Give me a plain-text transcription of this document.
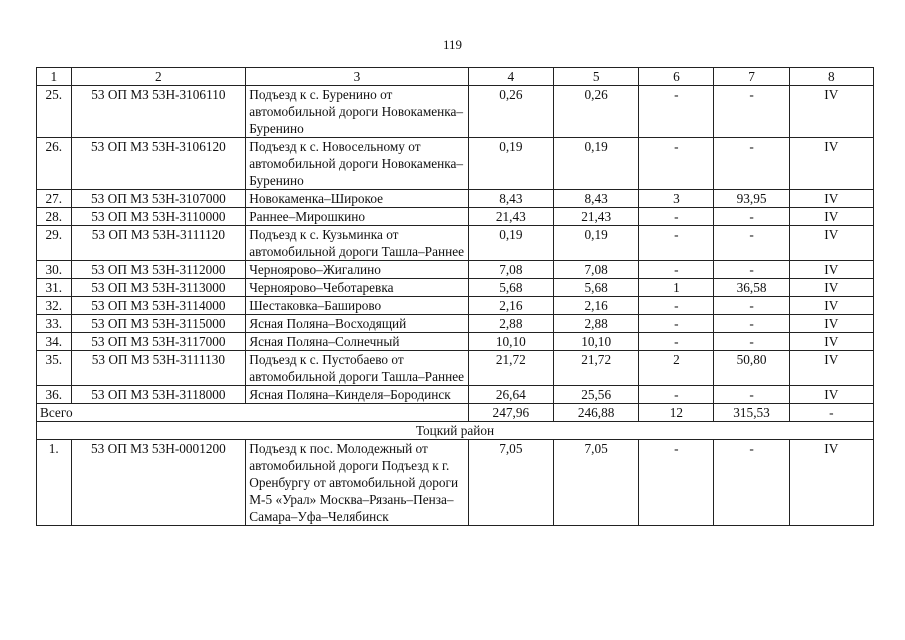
119
1	2	3	4	5	6	7	8
25.	53 ОП МЗ 53Н-3106110	Подъезд к с. Буренино от автомобильной дороги Новокаменка–Буренино	0,26	0,26	-	-	IV
26.	53 ОП МЗ 53Н-3106120	Подъезд к с. Новосельному от автомобильной дороги Новокаменка–Буренино	0,19	0,19	-	-	IV
27.	53 ОП МЗ 53Н-3107000	Новокаменка–Широкое	8,43	8,43	3	93,95	IV
28.	53 ОП МЗ 53Н-3110000	Раннее–Мирошкино	21,43	21,43	-	-	IV
29.	53 ОП МЗ 53Н-3111120	Подъезд к с. Кузьминка от автомобильной дороги Ташла–Раннее	0,19	0,19	-	-	IV
30.	53 ОП МЗ 53Н-3112000	Черноярово–Жигалино	7,08	7,08	-	-	IV
31.	53 ОП МЗ 53Н-3113000	Черноярово–Чеботаревка	5,68	5,68	1	36,58	IV
32.	53 ОП МЗ 53Н-3114000	Шестаковка–Баширово	2,16	2,16	-	-	IV
33.	53 ОП МЗ 53Н-3115000	Ясная Поляна–Восходящий	2,88	2,88	-	-	IV
34.	53 ОП МЗ 53Н-3117000	Ясная Поляна–Солнечный	10,10	10,10	-	-	IV
35.	53 ОП МЗ 53Н-3111130	Подъезд к с. Пустобаево от автомобильной дороги Ташла–Раннее	21,72	21,72	2	50,80	IV
36.	53 ОП МЗ 53Н-3118000	Ясная Поляна–Кинделя–Бородинск	26,64	25,56	-	-	IV
Всего			247,96	246,88	12	315,53	-
Тоцкий район							
1.	53 ОП МЗ 53Н-0001200	Подъезд к пос. Молодежный от автомобильной дороги Подъезд к г. Оренбургу от автомобильной дороги М-5 «Урал» Москва–Рязань–Пенза–Самара–Уфа–Челябинск	7,05	7,05	-	-	IV
